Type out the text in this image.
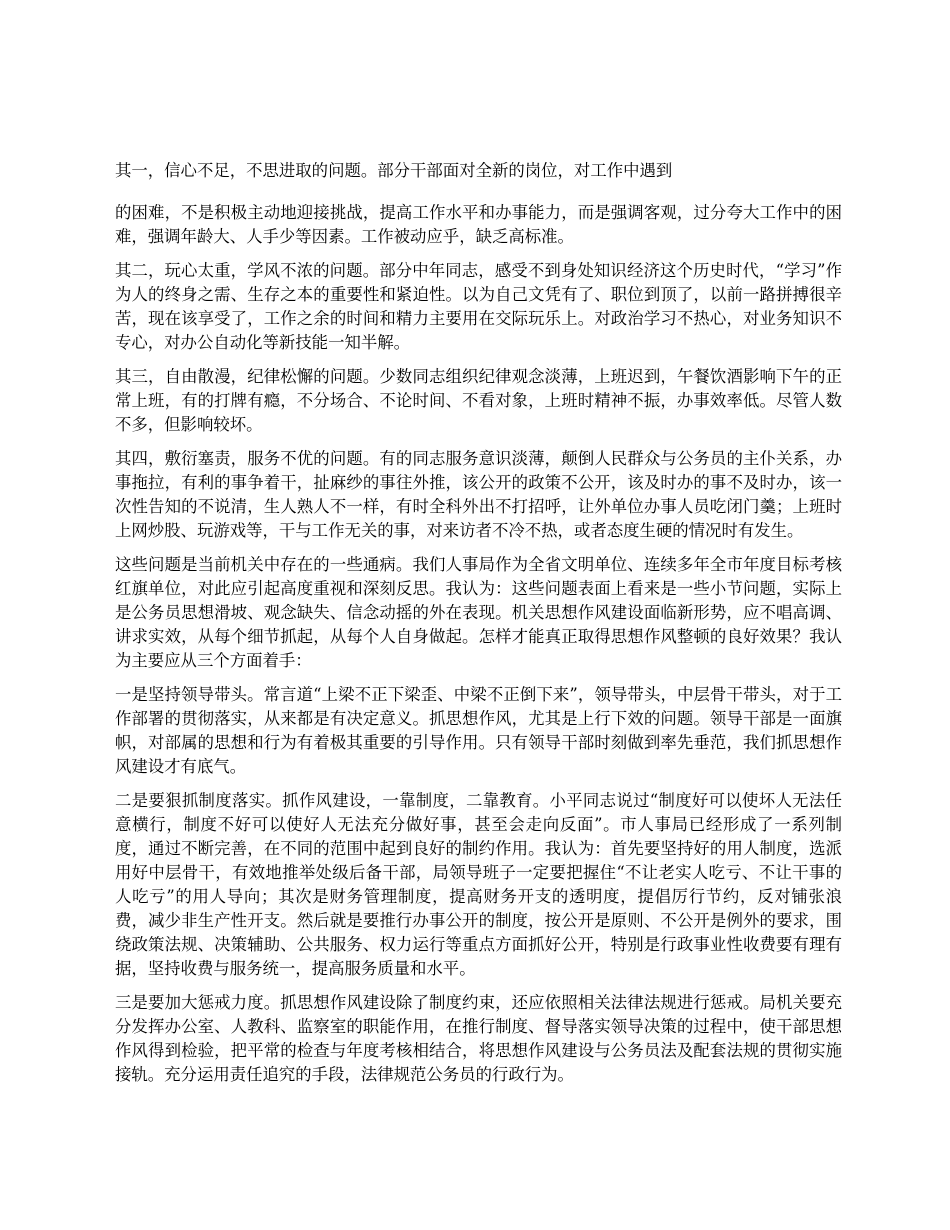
其一，信心不足，不思进取的问题。部分干部面对全新的岗位，对工作中遇到

的困难，不是积极主动地迎接挑战，提高工作水平和办事能力，而是强调客观，过分夸大工作中的困难，强调年龄大、人手少等因素。工作被动应乎，缺乏高标准。

其二，玩心太重，学风不浓的问题。部分中年同志，感受不到身处知识经济这个历史时代，“学习”作为人的终身之需、生存之本的重要性和紧迫性。以为自己文凭有了、职位到顶了，以前一路拼搏很辛苦，现在该享受了，工作之余的时间和精力主要用在交际玩乐上。对政治学习不热心，对业务知识不专心，对办公自动化等新技能一知半解。

其三，自由散漫，纪律松懈的问题。少数同志组织纪律观念淡薄，上班迟到，午餐饮酒影响下午的正常上班，有的打牌有瘾，不分场合、不论时间、不看对象，上班时精神不振，办事效率低。尽管人数不多，但影响较坏。

其四，敷衍塞责，服务不优的问题。有的同志服务意识淡薄，颠倒人民群众与公务员的主仆关系，办事拖拉，有利的事争着干，扯麻纱的事往外推，该公开的政策不公开，该及时办的事不及时办，该一次性告知的不说清，生人熟人不一样，有时全科外出不打招呼，让外单位办事人员吃闭门羹；上班时上网炒股、玩游戏等，干与工作无关的事，对来访者不冷不热，或者态度生硬的情况时有发生。

这些问题是当前机关中存在的一些通病。我们人事局作为全省文明单位、连续多年全市年度目标考核红旗单位，对此应引起高度重视和深刻反思。我认为：这些问题表面上看来是一些小节问题，实际上是公务员思想滑坡、观念缺失、信念动摇的外在表现。机关思想作风建设面临新形势，应不唱高调、讲求实效，从每个细节抓起，从每个人自身做起。怎样才能真正取得思想作风整顿的良好效果？我认为主要应从三个方面着手：

一是坚持领导带头。常言道“上梁不正下梁歪、中梁不正倒下来”，领导带头，中层骨干带头，对于工作部署的贯彻落实，从来都是有决定意义。抓思想作风，尤其是上行下效的问题。领导干部是一面旗帜，对部属的思想和行为有着极其重要的引导作用。只有领导干部时刻做到率先垂范，我们抓思想作风建设才有底气。

二是要狠抓制度落实。抓作风建设，一靠制度，二靠教育。小平同志说过“制度好可以使坏人无法任意横行，制度不好可以使好人无法充分做好事，甚至会走向反面”。市人事局已经形成了一系列制度，通过不断完善，在不同的范围中起到良好的制约作用。我认为：首先要坚持好的用人制度，选派用好中层骨干，有效地推举处级后备干部，局领导班子一定要把握住“不让老实人吃亏、不让干事的人吃亏”的用人导向；其次是财务管理制度，提高财务开支的透明度，提倡厉行节约，反对铺张浪费，减少非生产性开支。然后就是要推行办事公开的制度，按公开是原则、不公开是例外的要求，围绕政策法规、决策辅助、公共服务、权力运行等重点方面抓好公开，特别是行政事业性收费要有理有据，坚持收费与服务统一，提高服务质量和水平。

三是要加大惩戒力度。抓思想作风建设除了制度约束，还应依照相关法律法规进行惩戒。局机关要充分发挥办公室、人教科、监察室的职能作用，在推行制度、督导落实领导决策的过程中，使干部思想作风得到检验，把平常的检查与年度考核相结合，将思想作风建设与公务员法及配套法规的贯彻实施接轨。充分运用责任追究的手段，法律规范公务员的行政行为。
